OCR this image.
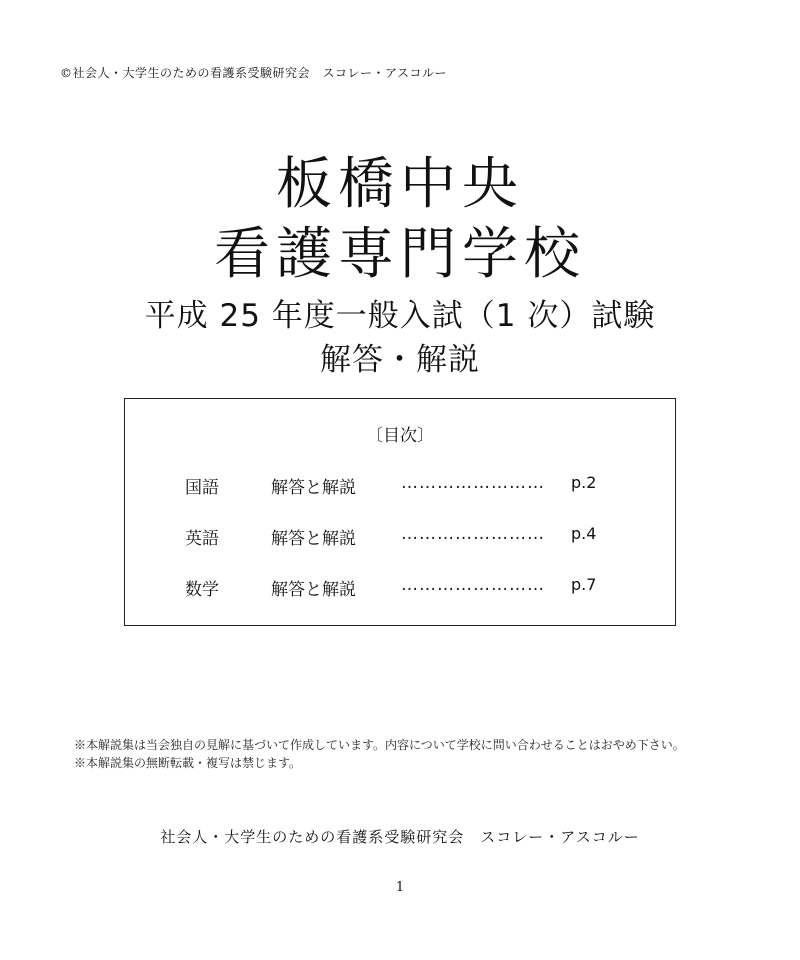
©社会人・大学生のための看護系受験研究会　スコレー・アスコルー
板橋中央
看護専門学校
平成 25 年度一般入試（1 次）試験
解答・解説
〔目次〕
国語	解答と解説	…………………… p.2
英語	解答と解説	…………………… p.4
数学	解答と解説	…………………… p.7

※本解説集は当会独自の見解に基づいて作成しています。内容について学校に問い合わせることはおやめ下さい。

※本解説集の無断転載・複写は禁じます。

社会人・大学生のための看護系受験研究会　スコレー・アスコルー
1
